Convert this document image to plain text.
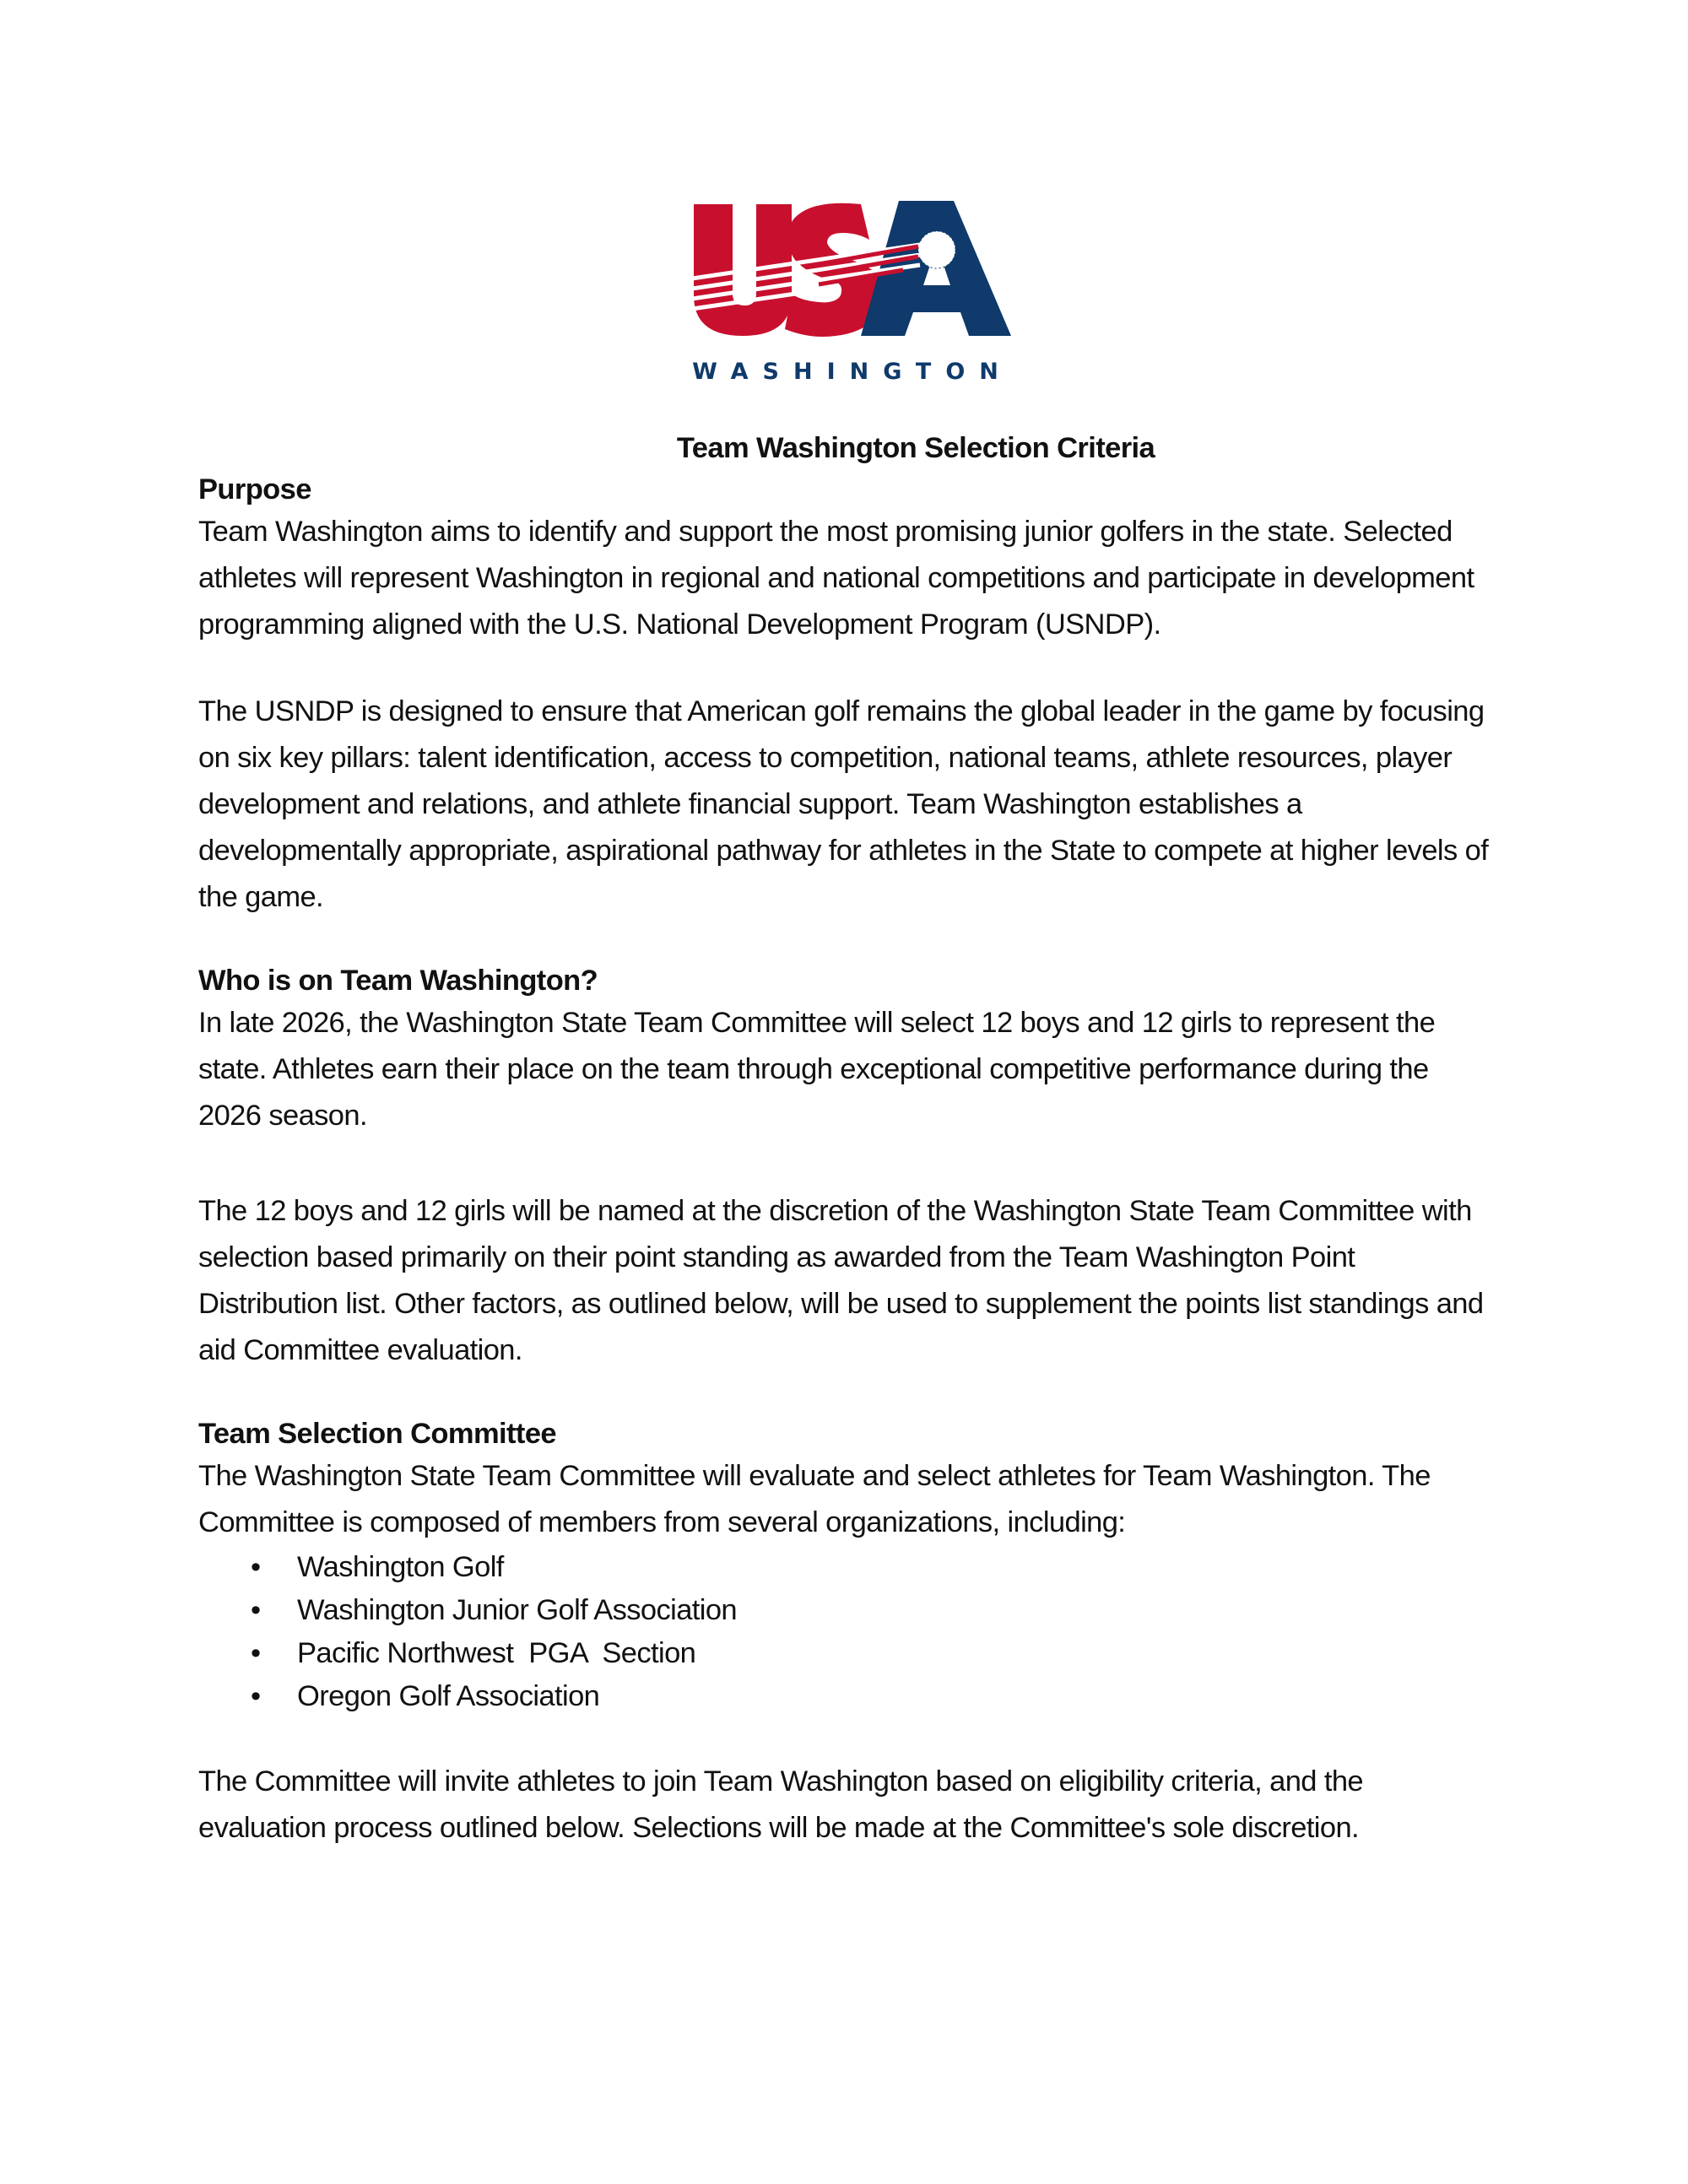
WASHINGTON

Team Washington Selection Criteria

Purpose

Team Washington aims to identify and support the most promising junior golfers in the state. Selected athletes will represent Washington in regional and national competitions and participate in development programming aligned with the U.S. National Development Program (USNDP).

The USNDP is designed to ensure that American golf remains the global leader in the game by focusing on six key pillars: talent identification, access to competition, national teams, athlete resources, player development and relations, and athlete financial support. Team Washington establishes a developmentally appropriate, aspirational pathway for athletes in the State to compete at higher levels of the game.

Who is on Team Washington?

In late 2026, the Washington State Team Committee will select 12 boys and 12 girls to represent the state. Athletes earn their place on the team through exceptional competitive performance during the 2026 season.

The 12 boys and 12 girls will be named at the discretion of the Washington State Team Committee with selection based primarily on their point standing as awarded from the Team Washington Point Distribution list. Other factors, as outlined below, will be used to supplement the points list standings and aid Committee evaluation.

Team Selection Committee

The Washington State Team Committee will evaluate and select athletes for Team Washington. The Committee is composed of members from several organizations, including:

• Washington Golf
• Washington Junior Golf Association
• Pacific Northwest  PGA  Section
• Oregon Golf Association

The Committee will invite athletes to join Team Washington based on eligibility criteria, and the evaluation process outlined below. Selections will be made at the Committee's sole discretion.
